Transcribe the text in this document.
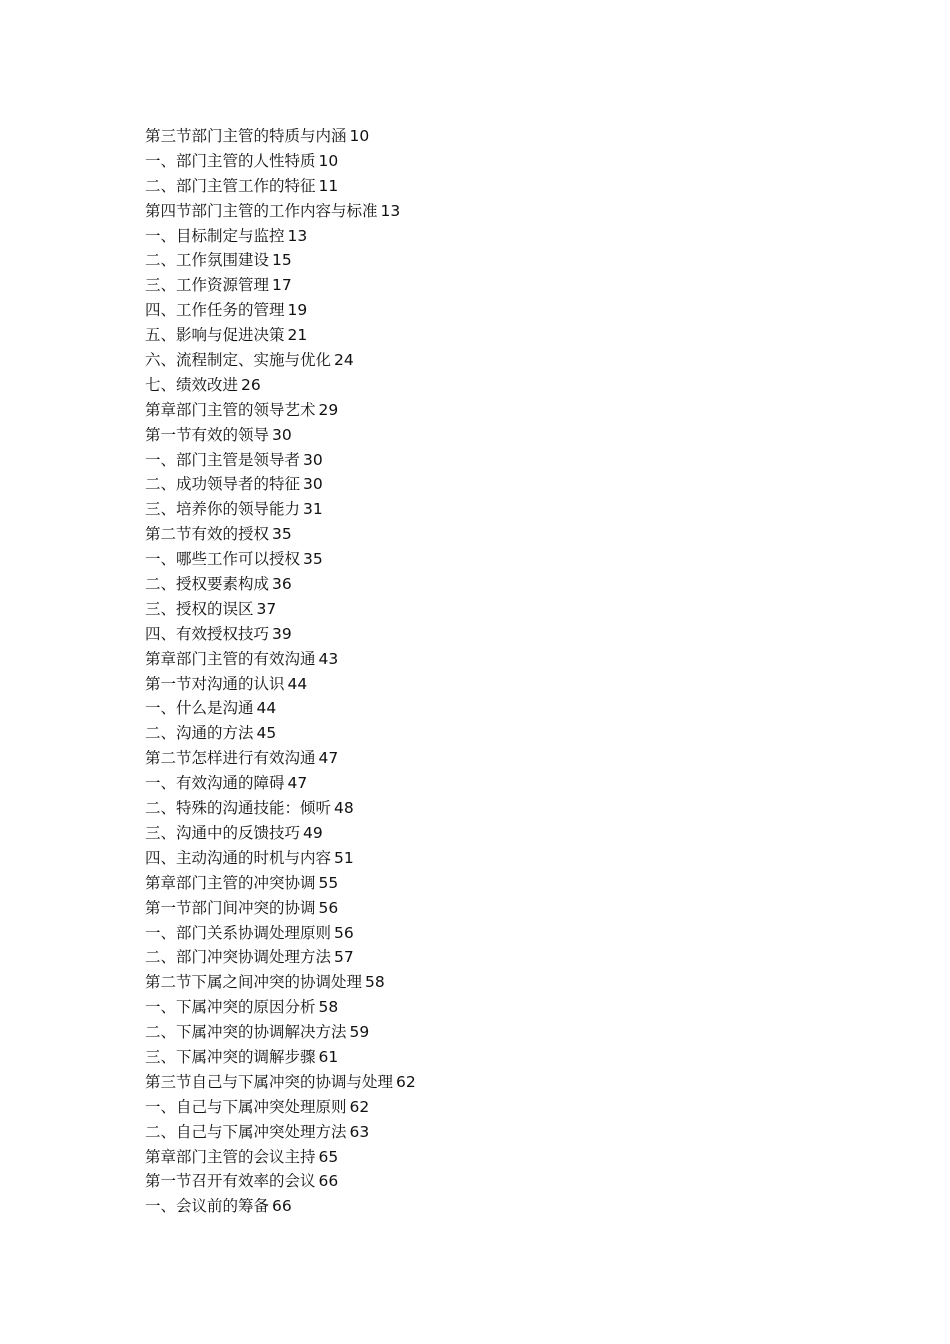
第三节部门主管的特质与内涵 10
一、部门主管的人性特质 10
二、部门主管工作的特征 11
第四节部门主管的工作内容与标准 13
一、目标制定与监控 13
二、工作氛围建设 15
三、工作资源管理 17
四、工作任务的管理 19
五、影响与促进决策 21
六、流程制定、实施与优化 24
七、绩效改进 26
第章部门主管的领导艺术 29
第一节有效的领导 30
一、部门主管是领导者 30
二、成功领导者的特征 30
三、培养你的领导能力 31
第二节有效的授权 35
一、哪些工作可以授权 35
二、授权要素构成 36
三、授权的误区 37
四、有效授权技巧 39
第章部门主管的有效沟通 43
第一节对沟通的认识 44
一、什么是沟通 44
二、沟通的方法 45
第二节怎样进行有效沟通 47
一、有效沟通的障碍 47
二、特殊的沟通技能：倾听 48
三、沟通中的反馈技巧 49
四、主动沟通的时机与内容 51
第章部门主管的冲突协调 55
第一节部门间冲突的协调 56
一、部门关系协调处理原则 56
二、部门冲突协调处理方法 57
第二节下属之间冲突的协调处理 58
一、下属冲突的原因分析 58
二、下属冲突的协调解决方法 59
三、下属冲突的调解步骤 61
第三节自己与下属冲突的协调与处理 62
一、自己与下属冲突处理原则 62
二、自己与下属冲突处理方法 63
第章部门主管的会议主持 65
第一节召开有效率的会议 66
一、会议前的筹备 66
